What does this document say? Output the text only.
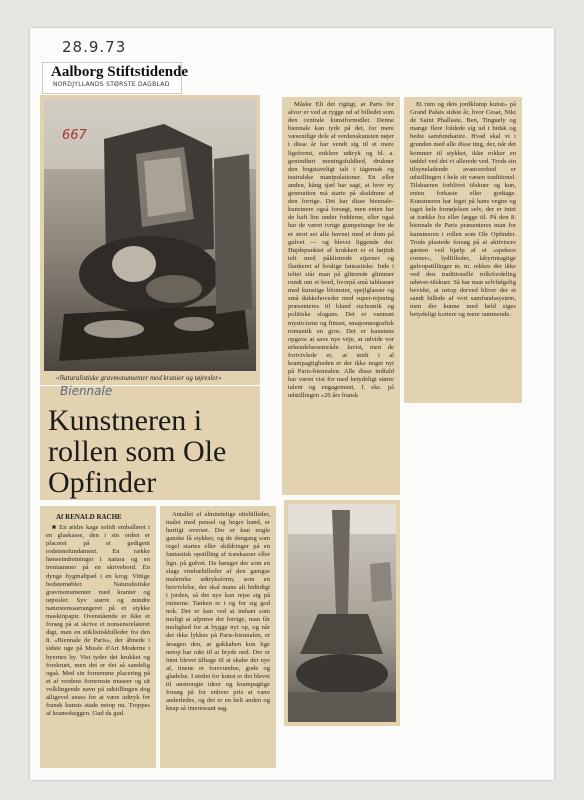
28.9.73
Aalborg Stiftstidende
NORDJYLLANDS STØRSTE DAGBLAD
667
«Naturalistiske gravmonumenter med kranier og tøjresler»
Biennale
Kunstneren i rollen som Ole Opfinder
Af RENALD RACHE

■ En ældre kage solidt emballeret i en glaskasse, den i sin orden er placeret på et gedigent rodstensfundament. En række hønseindretninger i natura og en trentammer på en skrivebord. En dynge bygmaltpæl i en krog. Vittige bedstemøbler. Naturalistiske gravmonumenter med kranier og tøjresler. Syv større og mindre naturstenssarrangeret på et stykke maskinpapir. Ovenstående er ikke et forsøg på at skrive et nonsensrelateret digt, men en stiklistiskbilleder fra den 8. «Biennale de Paris», der åbnede i sidste uge på Musée d'Art Moderne i byernes by. Vist tyder det krukket og forskruet, men det er det så sandelig også. Med sin fornemme placering på et af verdens fornemste museer og sit velklingende navn på udstillingen dog alligevel anses for at være udtryk for fransk kunsts stade netop nu. Troppes af kraneskeggen. Gud da gud.

Antallet af almindelige oliebilleder, malet med pensel og hegre hand, er hurtigt overset. Der er kun nogle ganske få stykker, og de dengang som regel startes eller skildringer på en fantastisk opstilling af træskasser eller lign. på gulvet. De hænger der som en slags vinduebilleder af den gængse malerirke udtryksform, som en betvivlelse, der skal mane alt hidtidigt i jorden, så det nye kan rejse sig på ruinerne. Tanken er i og for sig god nok. Det er kun ved at indsæt som muligt at afprøve det forrige, man får mulighed for at bygge nyt op, og når det ikke lykkes på Paris-biennalen, er årsagen den, at gakkahen kun lige netop har rakt til at bryde ned. Der er intet blevet tilbage til at skabe det nye af, tinene er forsvundne, gode og gladelse. I stedet for kunst er det blevet til anstrengte ideer og krampagtige forsøg på for enhver pris at være anderledes, og det er en helt anden og knap så interessant sag.

Måske Eli det rigtigt, at Paris for alvor er ved at rygge ud af billedet som den centrale kunstformidler. Denne biennale kan tyde på det, for mere væsentlige dele af verdenskunsten nøjer i disse år har vendt sig til et mere ligefremt, enklere udtryk og bl. a. genindført meningsfuldhed, drukner den bogstaveligt talt i tågemak og teatralske manipulationer. En eller anden, kång sjæl har sagt, at hver ny generation må starte på skuldrene af den forrige. Det har disse biennale-kunstnere også forsøgt, men enten har de haft lim under fodderne, eller også har de været ivrige gumpetunge for de er stort set alle havnet med et drøn på gulvet — og blevet liggende der. Højdepunktet af krukkeri er et højtidt telt med påklistrede stjerner og flankeret af hvalige fantastiske. Inde i teltet står man på glitrende glimmer rundt om et bord, hvorpå små tableauer med kunstige blomster, spejlglasser og små dukkehoveder med super-rejsning præsenteres til bland ruchomik og politiske slogans. Det er vanmæt mysticisme og fimset, smaponnografisk romantik en gros. Det er kunstens opgave at save nye veje, at udvide vor erkendelsesområde. Javist, men de fortvivlede er, at midt i al krampagtigheden er der ikke noget nyt på Paris-biennalen. Alle disse indfald har været vist for med betydeligt større talent og engagement, f. eks. på udstillingen «20 års fransk

Et rum og dets jordklump kunst» på Grand Palais sidste år, hvor Cesar, Niki de Saint Phallaste, Ben, Tinguely og mange flere foldede sig ud i bidsk og bedst samfundsatire. Hvad skal vi i grunden med alle disse ting, der, når det kommer til stykket, ikke rokker en tøddel ved det vi allerede ved. Trods sin tilsyneladende avanceerhed er udstillingen i hele sit væsen traditionel. Tilskueren forblivet tilskuer og kun, enten forkaste eller godtage. Kunstneren har leget på hans vegne og taget hele fornøjelsen selv, der er intet at trække fra eller lægge til. På den 8. biennale de Paris præsenteres man for kunstneren i rollen som Ole Opfinder. Trods plastede forsøg på at aktiviscre gæsten ved hjælp af et «spekers corner», lydfilleder, labyrintagtige gulvopstillinger m. m. rekkes der ikke ved den traditionelle rollefordeling udøver-tilskuer. Så har man selvfølgelig bevidst, at netop derved bliver der et sandt billede af vort samfundssystem, men der kunne med held siges betydeligt kortere og mere rammende.
